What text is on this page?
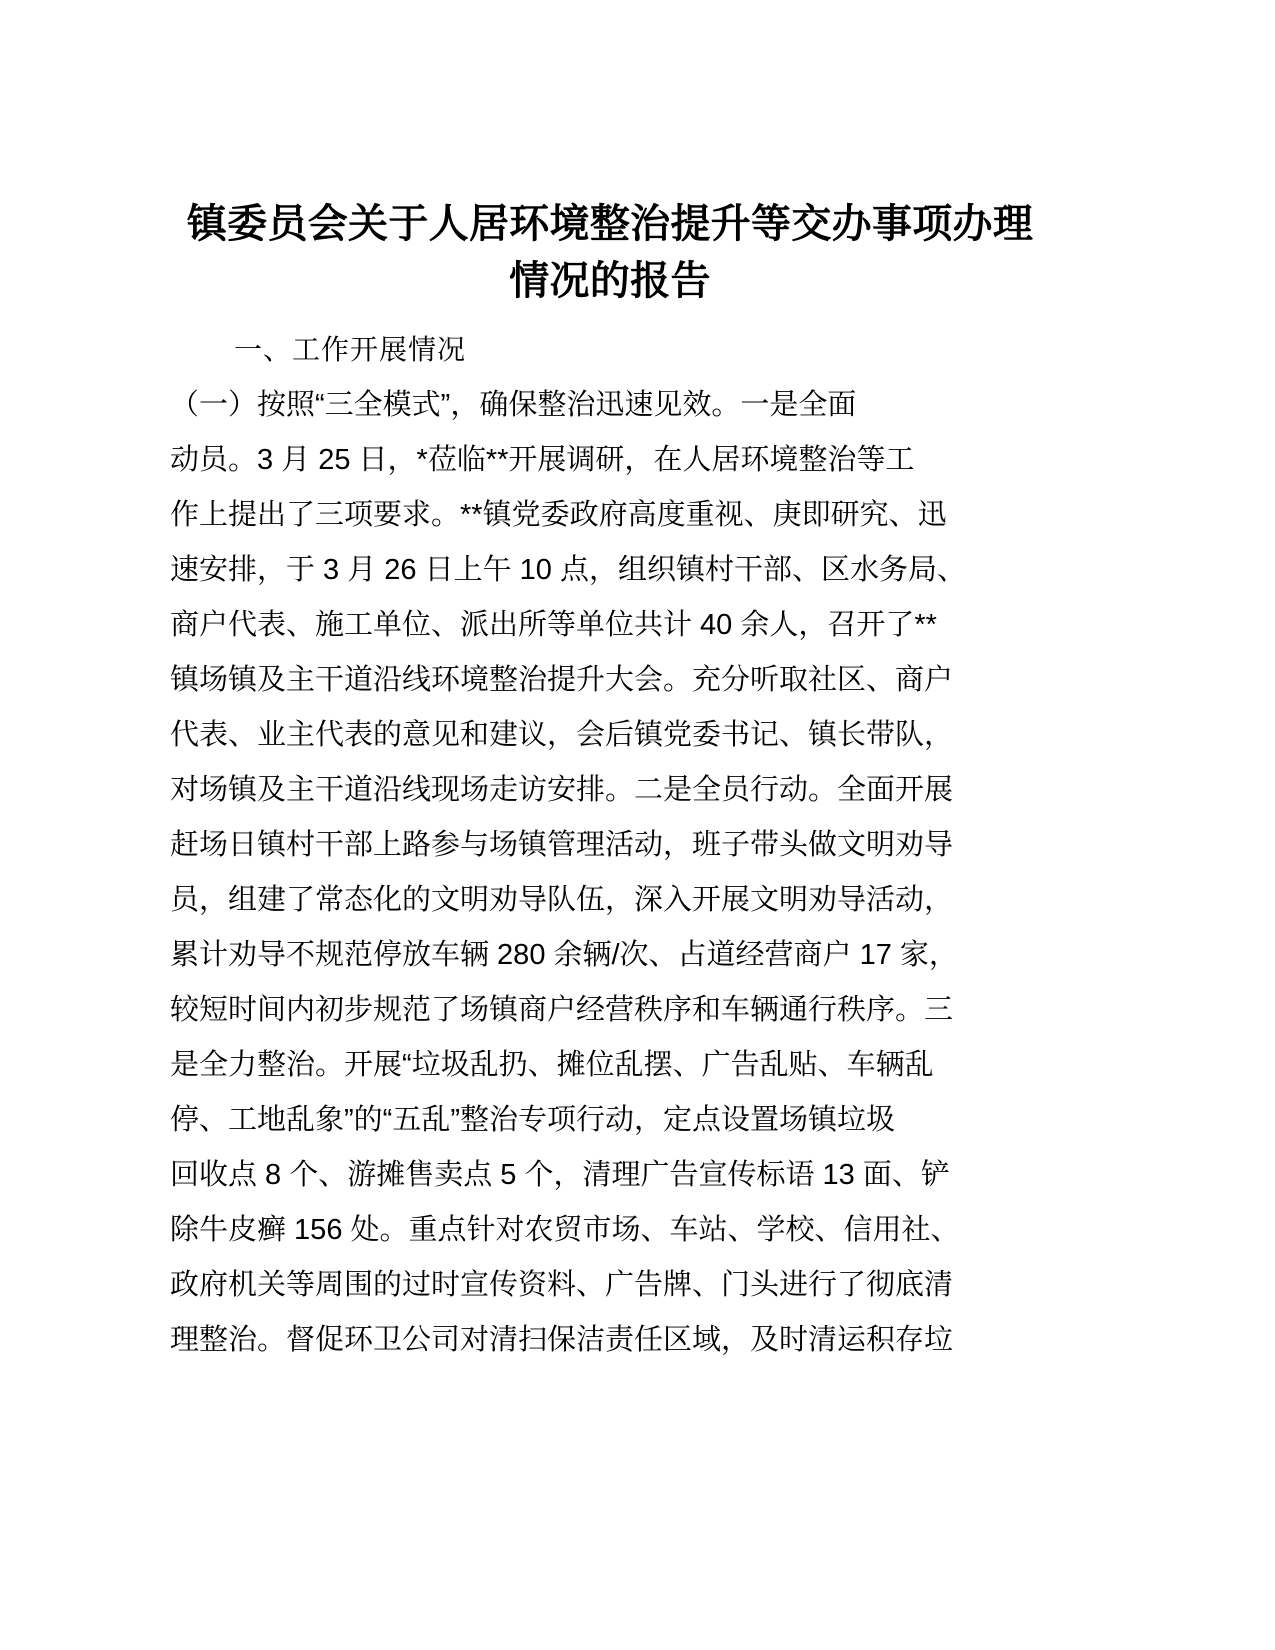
镇委员会关于人居环境整治提升等交办事项办理情况的报告
一、工作开展情况
（一）按照“三全模式”，确保整治迅速见效。一是全面
动员。3 月 25 日，*莅临**开展调研，在人居环境整治等工
作上提出了三项要求。**镇党委政府高度重视、庚即研究、迅
速安排，于 3 月 26 日上午 10 点，组织镇村干部、区水务局、
商户代表、施工单位、派出所等单位共计 40 余人，召开了**
镇场镇及主干道沿线环境整治提升大会。充分听取社区、商户
代表、业主代表的意见和建议，会后镇党委书记、镇长带队，
对场镇及主干道沿线现场走访安排。二是全员行动。全面开展
赶场日镇村干部上路参与场镇管理活动，班子带头做文明劝导
员，组建了常态化的文明劝导队伍，深入开展文明劝导活动，
累计劝导不规范停放车辆 280 余辆/次、占道经营商户 17 家，
较短时间内初步规范了场镇商户经营秩序和车辆通行秩序。三
是全力整治。开展“垃圾乱扔、摊位乱摆、广告乱贴、车辆乱
停、工地乱象”的“五乱”整治专项行动，定点设置场镇垃圾
回收点 8 个、游摊售卖点 5 个，清理广告宣传标语 13 面、铲
除牛皮癣 156 处。重点针对农贸市场、车站、学校、信用社、
政府机关等周围的过时宣传资料、广告牌、门头进行了彻底清
理整治。督促环卫公司对清扫保洁责任区域，及时清运积存垃
